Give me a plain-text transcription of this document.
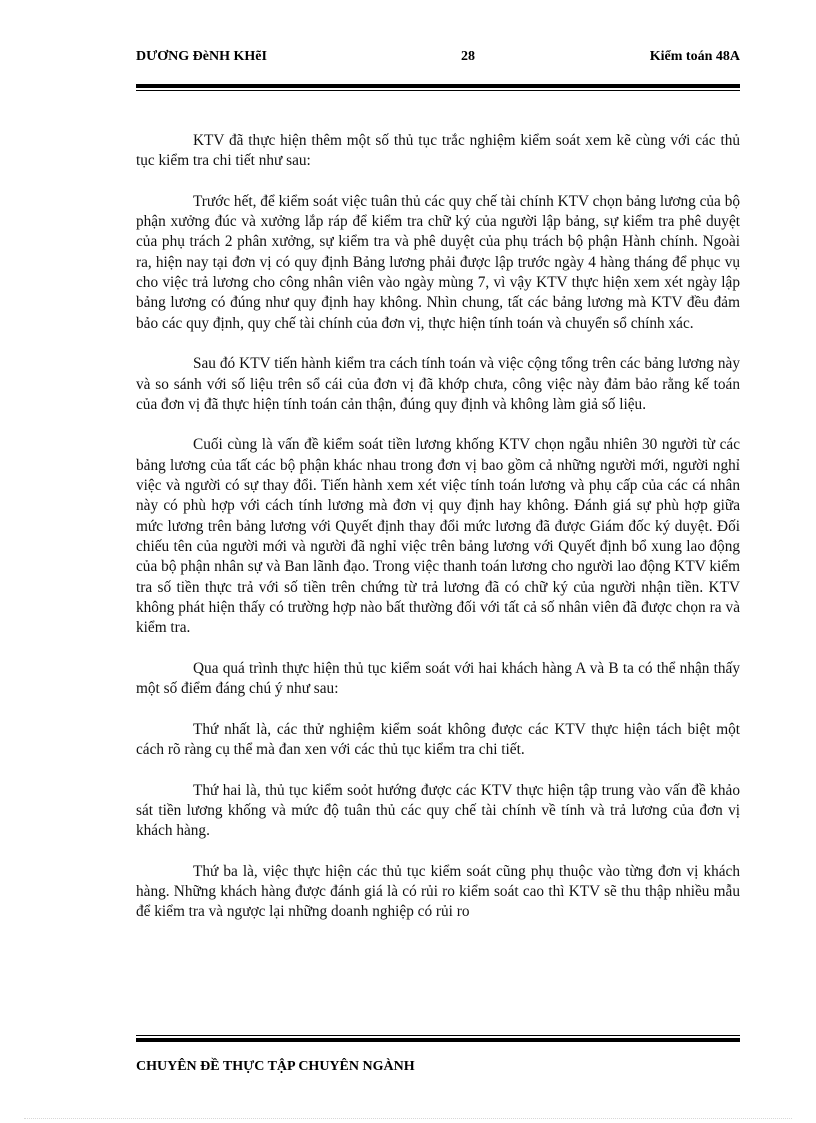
DƯƠNG ĐèNH KHẽI	28	Kiểm toán 48A

KTV đã thực hiện thêm một số thủ tục trắc nghiệm kiểm soát xem kẽ cùng với các thủ tục kiểm tra chi tiết như sau:

Trước hết, để kiểm soát việc tuân thủ các quy chế tài chính KTV chọn bảng lương của bộ phận xưởng đúc và xưởng lắp ráp để kiểm tra chữ ký của người lập bảng, sự kiểm tra phê duyệt của phụ trách 2 phân xưởng, sự kiểm tra và phê duyệt của phụ trách bộ phận Hành chính. Ngoài ra, hiện nay tại đơn vị có quy định Bảng lương phải được lập trước ngày 4 hàng tháng để phục vụ cho việc trả lương cho công nhân viên vào ngày mùng 7, vì vậy KTV thực hiện xem xét ngày lập bảng lương có đúng như quy định hay không. Nhìn chung, tất các bảng lương mà KTV đều đảm bảo các quy định, quy chế tài chính của đơn vị, thực hiện tính toán và chuyển sổ chính xác.

Sau đó KTV tiến hành kiểm tra cách tính toán và việc cộng tổng trên các bảng lương này và so sánh với số liệu trên sổ cái của đơn vị đã khớp chưa, công việc này đảm bảo rằng kế toán của đơn vị đã thực hiện tính toán cản thận, đúng quy định và không làm giả số liệu.

Cuối cùng là vấn đề kiểm soát tiền lương khống KTV chọn ngẫu nhiên 30 người từ các bảng lương của tất các bộ phận khác nhau trong đơn vị bao gồm cả những người mới, người nghỉ việc và người có sự thay đổi. Tiến hành xem xét việc tính toán lương và phụ cấp của các cá nhân này có phù hợp với cách tính lương mà đơn vị quy định hay không. Đánh giá sự phù hợp giữa mức lương trên bảng lương với Quyết định thay đổi mức lương đã được Giám đốc ký duyệt. Đối chiếu tên của người mới và người đã nghỉ việc trên bảng lương với Quyết định bổ xung lao động của bộ phận nhân sự và Ban lãnh đạo. Trong việc thanh toán lương cho người lao động KTV kiểm tra số tiền thực trả với số tiền trên chứng từ trả lương đã có chữ ký của người nhận tiền. KTV không phát hiện thấy có trường hợp nào bất thường đối với tất cả số nhân viên đã được chọn ra và kiểm tra.

Qua quá trình thực hiện thủ tục kiểm soát với hai khách hàng A và B ta có thể nhận thấy một số điểm đáng chú ý như sau:

Thứ nhất là, các thử nghiệm kiểm soát không được các KTV thực hiện tách biệt một cách rõ ràng cụ thể mà đan xen với các thủ tục kiểm tra chi tiết.

Thứ hai là, thủ tục kiểm soỏt hướng được các KTV thực hiện tập trung vào vấn đề khảo sát tiền lương khống và mức độ tuân thủ các quy chế tài chính về tính và trả lương của đơn vị khách hàng.

Thứ ba là, việc thực hiện các thủ tục kiểm soát cũng phụ thuộc vào từng đơn vị khách hàng. Những khách hàng được đánh giá là có rủi ro kiểm soát cao thì KTV sẽ thu thập nhiều mẫu để kiểm tra và ngược lại những doanh nghiệp có rủi ro

CHUYÊN ĐỀ THỰC TẬP CHUYÊN NGÀNH
